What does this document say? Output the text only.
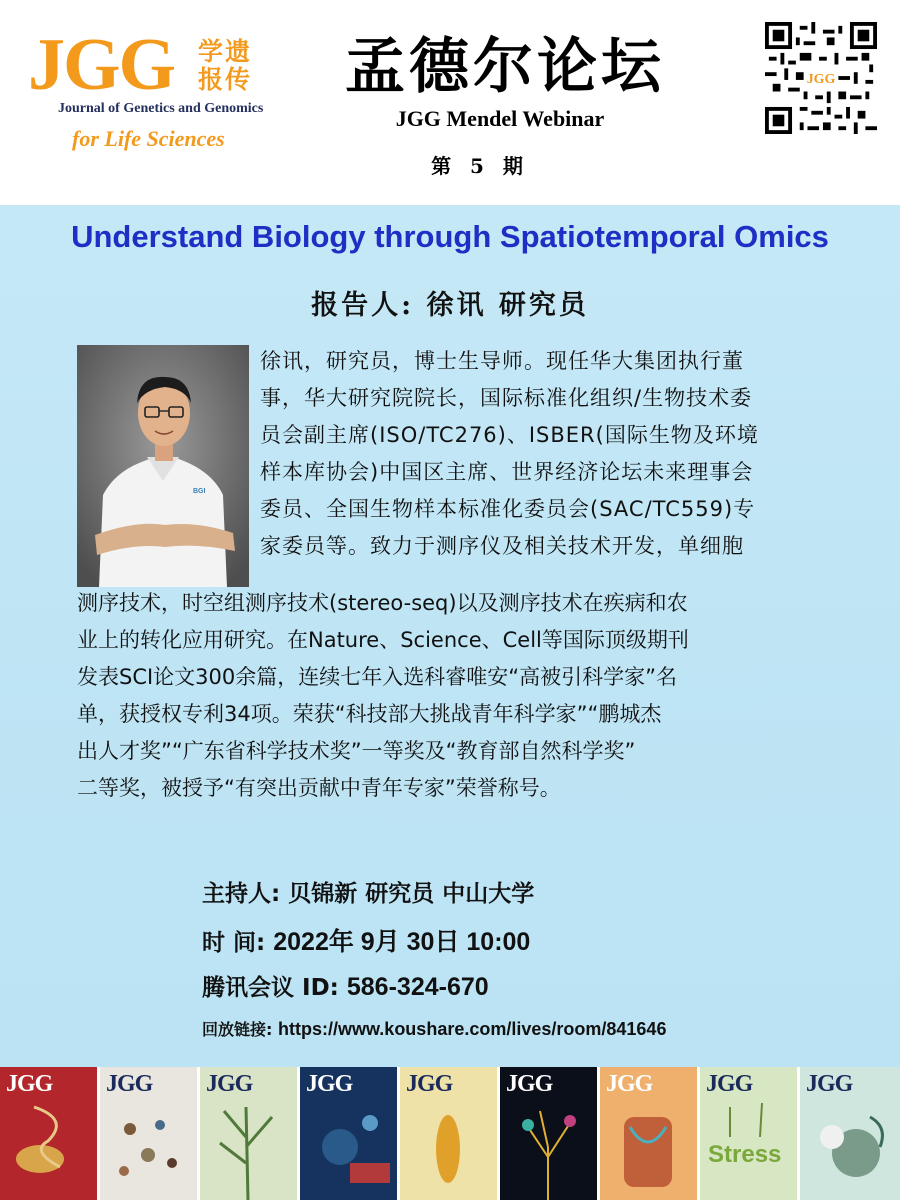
JGG 学遗报传
Journal of Genetics and Genomics
for Life Sciences
孟德尔论坛
JGG Mendel Webinar
第 5 期
JGG
Understand Biology through Spatiotemporal Omics
报告人: 徐讯 研究员
BGI
徐讯，研究员，博士生导师。现任华大集团执行董
事，华大研究院院长，国际标准化组织/生物技术委
员会副主席(ISO/TC276)、ISBER(国际生物及环境
样本库协会)中国区主席、世界经济论坛未来理事会
委员、全国生物样本标准化委员会(SAC/TC559)专
家委员等。致力于测序仪及相关技术开发，单细胞
测序技术，时空组测序技术(stereo-seq)以及测序技术在疾病和农
业上的转化应用研究。在Nature、Science、Cell等国际顶级期刊
发表SCI论文300余篇，连续七年入选科睿唯安“高被引科学家”名
单，获授权专利34项。荣获“科技部大挑战青年科学家”“鹏城杰
出人才奖”“广东省科学技术奖”一等奖及“教育部自然科学奖”
二等奖，被授予“有突出贡献中青年专家”荣誉称号。
主持人: 贝锦新 研究员 中山大学
时 间: 2022年 9月 30日 10:00
腾讯会议 ID: 586-324-670
回放链接: https://www.koushare.com/lives/room/841646
JGG JGG JGG JGG JGG JGG JGG
Stress
JGG JGG
